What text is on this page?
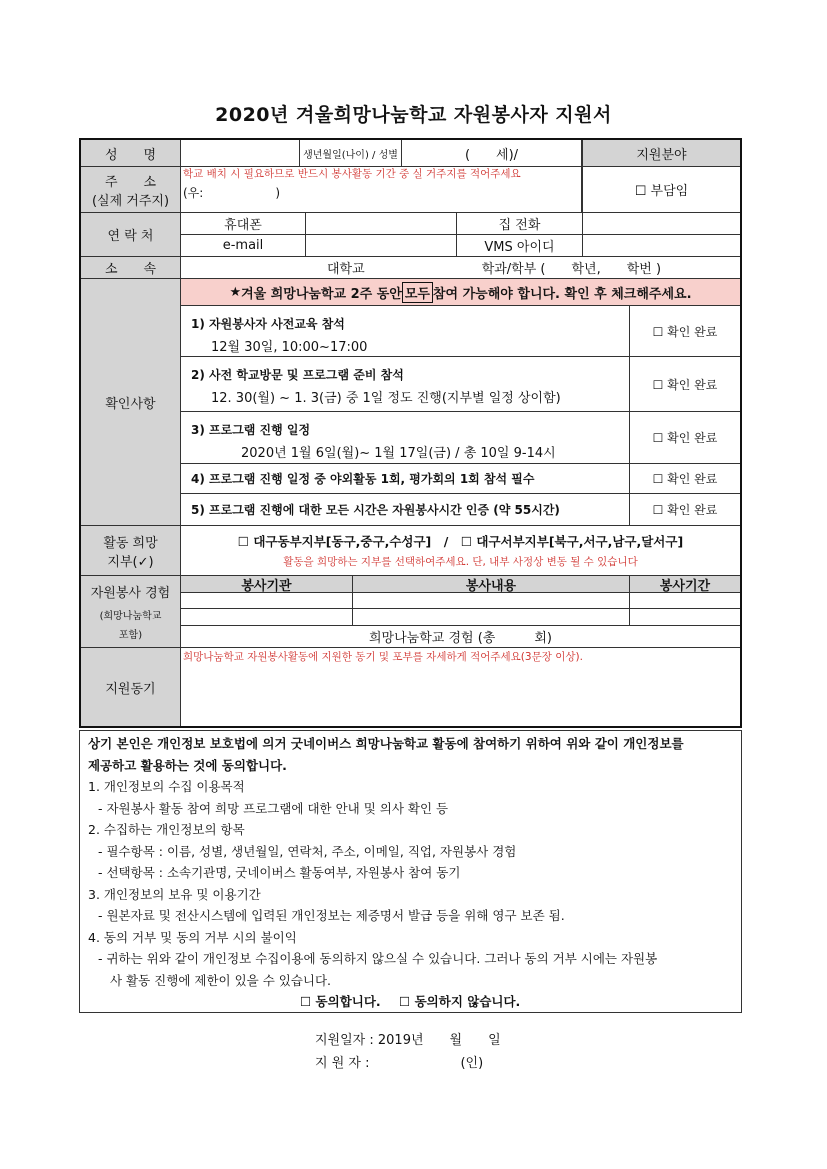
2020년 겨울희망나눔학교 자원봉사자 지원서
성　　명	생년월일(나이) / 성별	(　　세)/	지원분야
주　　소
(실제 거주지)
학교 배치 시 필요하므로 반드시 봉사활동 기간 중 실 거주지를 적어주세요
(우:　　　　　　)	☐ 부담임
연 락 처
휴대폰	집 전화
e-mail	VMS 아이디
소　　속	대학교	학과/학부 (　　학년,　　학번 )
확인사항
★ 겨울 희망나눔학교 2주 동안 모두 참여 가능해야 합니다. 확인 후 체크해주세요.
1) 자원봉사자 사전교육 참석
12월 30일, 10:00~17:00
☐ 확인 완료
2) 사전 학교방문 및 프로그램 준비 참석
12. 30(월) ~ 1. 3(금) 중 1일 정도 진행(지부별 일정 상이함)
☐ 확인 완료
3) 프로그램 진행 일정
2020년 1월 6일(월)~ 1월 17일(금) / 총 10일 9-14시
☐ 확인 완료
4) 프로그램 진행 일정 중 야외활동 1회, 평가회의 1회 참석 필수	☐ 확인 완료
5) 프로그램 진행에 대한 모든 시간은 자원봉사시간 인증 (약 55시간)	☐ 확인 완료
활동 희망
지부(✓)
☐ 대구동부지부[동구,중구,수성구]　/　☐ 대구서부지부[북구,서구,남구,달서구]
활동을 희망하는 지부를 선택하여주세요. 단, 내부 사정상 변동 될 수 있습니다
자원봉사 경험
(희망나눔학교
포함)
봉사기관	봉사내용	봉사기간
희망나눔학교 경험 (총　　　회)
지원동기
희망나눔학교 자원봉사활동에 지원한 동기 및 포부를 자세하게 적어주세요(3문장 이상).
상기 본인은 개인정보 보호법에 의거 굿네이버스 희망나눔학교 활동에 참여하기 위하여 위와 같이 개인정보를
제공하고 활용하는 것에 동의합니다.
1. 개인정보의 수집 이용목적
- 자원봉사 활동 참여 희망 프로그램에 대한 안내 및 의사 확인 등
2. 수집하는 개인정보의 항목
- 필수항목 : 이름, 성별, 생년월일, 연락처, 주소, 이메일, 직업, 자원봉사 경험
- 선택항목 : 소속기관명, 굿네이버스 활동여부, 자원봉사 참여 동기
3. 개인정보의 보유 및 이용기간
- 원본자료 및 전산시스템에 입력된 개인정보는 제증명서 발급 등을 위해 영구 보존 됨.
4. 동의 거부 및 동의 거부 시의 불이익
- 귀하는 위와 같이 개인정보 수집이용에 동의하지 않으실 수 있습니다. 그러나 동의 거부 시에는 자원봉
사 활동 진행에 제한이 있을 수 있습니다.
☐ 동의합니다. ☐ 동의하지 않습니다.
지원일자 : 2019년　　월　　일
지 원 자 :　　　　　　　(인)
